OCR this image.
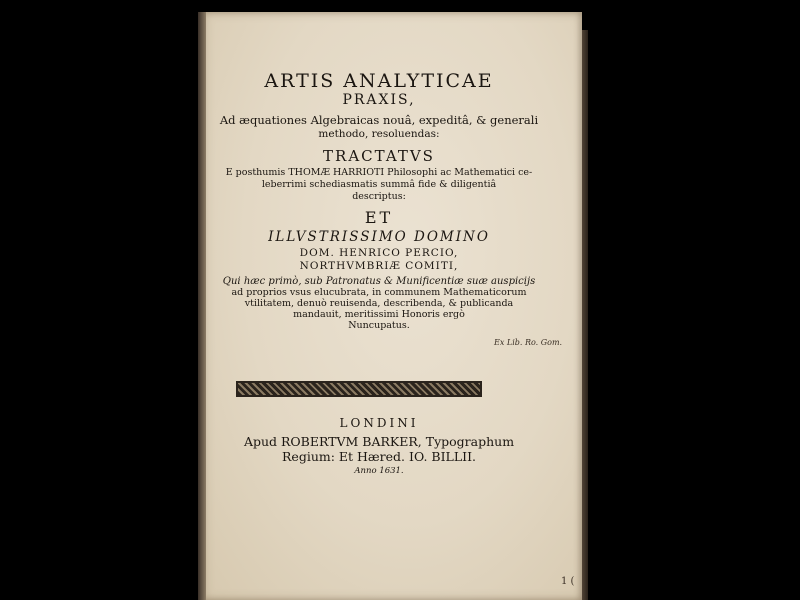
ARTIS ANALYTICAE

PRAXIS,

Ad æquationes Algebraicas nouâ, expeditâ, & generali

methodo, resoluendas:

TRACTATVS

E posthumis THOMÆ HARRIOTI Philosophi ac Mathematici ce-

leberrimi schediasmatis summâ fide & diligentiâ

descriptus:

ET

ILLVSTRISSIMO DOMINO

DOM. HENRICO PERCIO,

NORTHVMBRIÆ COMITI,

Qui hæc primò, sub Patronatus & Munificentiæ suæ auspicijs

ad proprios vsus elucubrata, in communem Mathematicorum

vtilitatem, denuò reuisenda, describenda, & publicanda

mandauit, meritissimi Honoris ergò

Nuncupatus.

LONDINI

Apud ROBERTVM BARKER, Typographum

Regium: Et Hæred. IO. BILLII.

Anno 1631.

Ex Lib. Ro. Gom.
1 (
